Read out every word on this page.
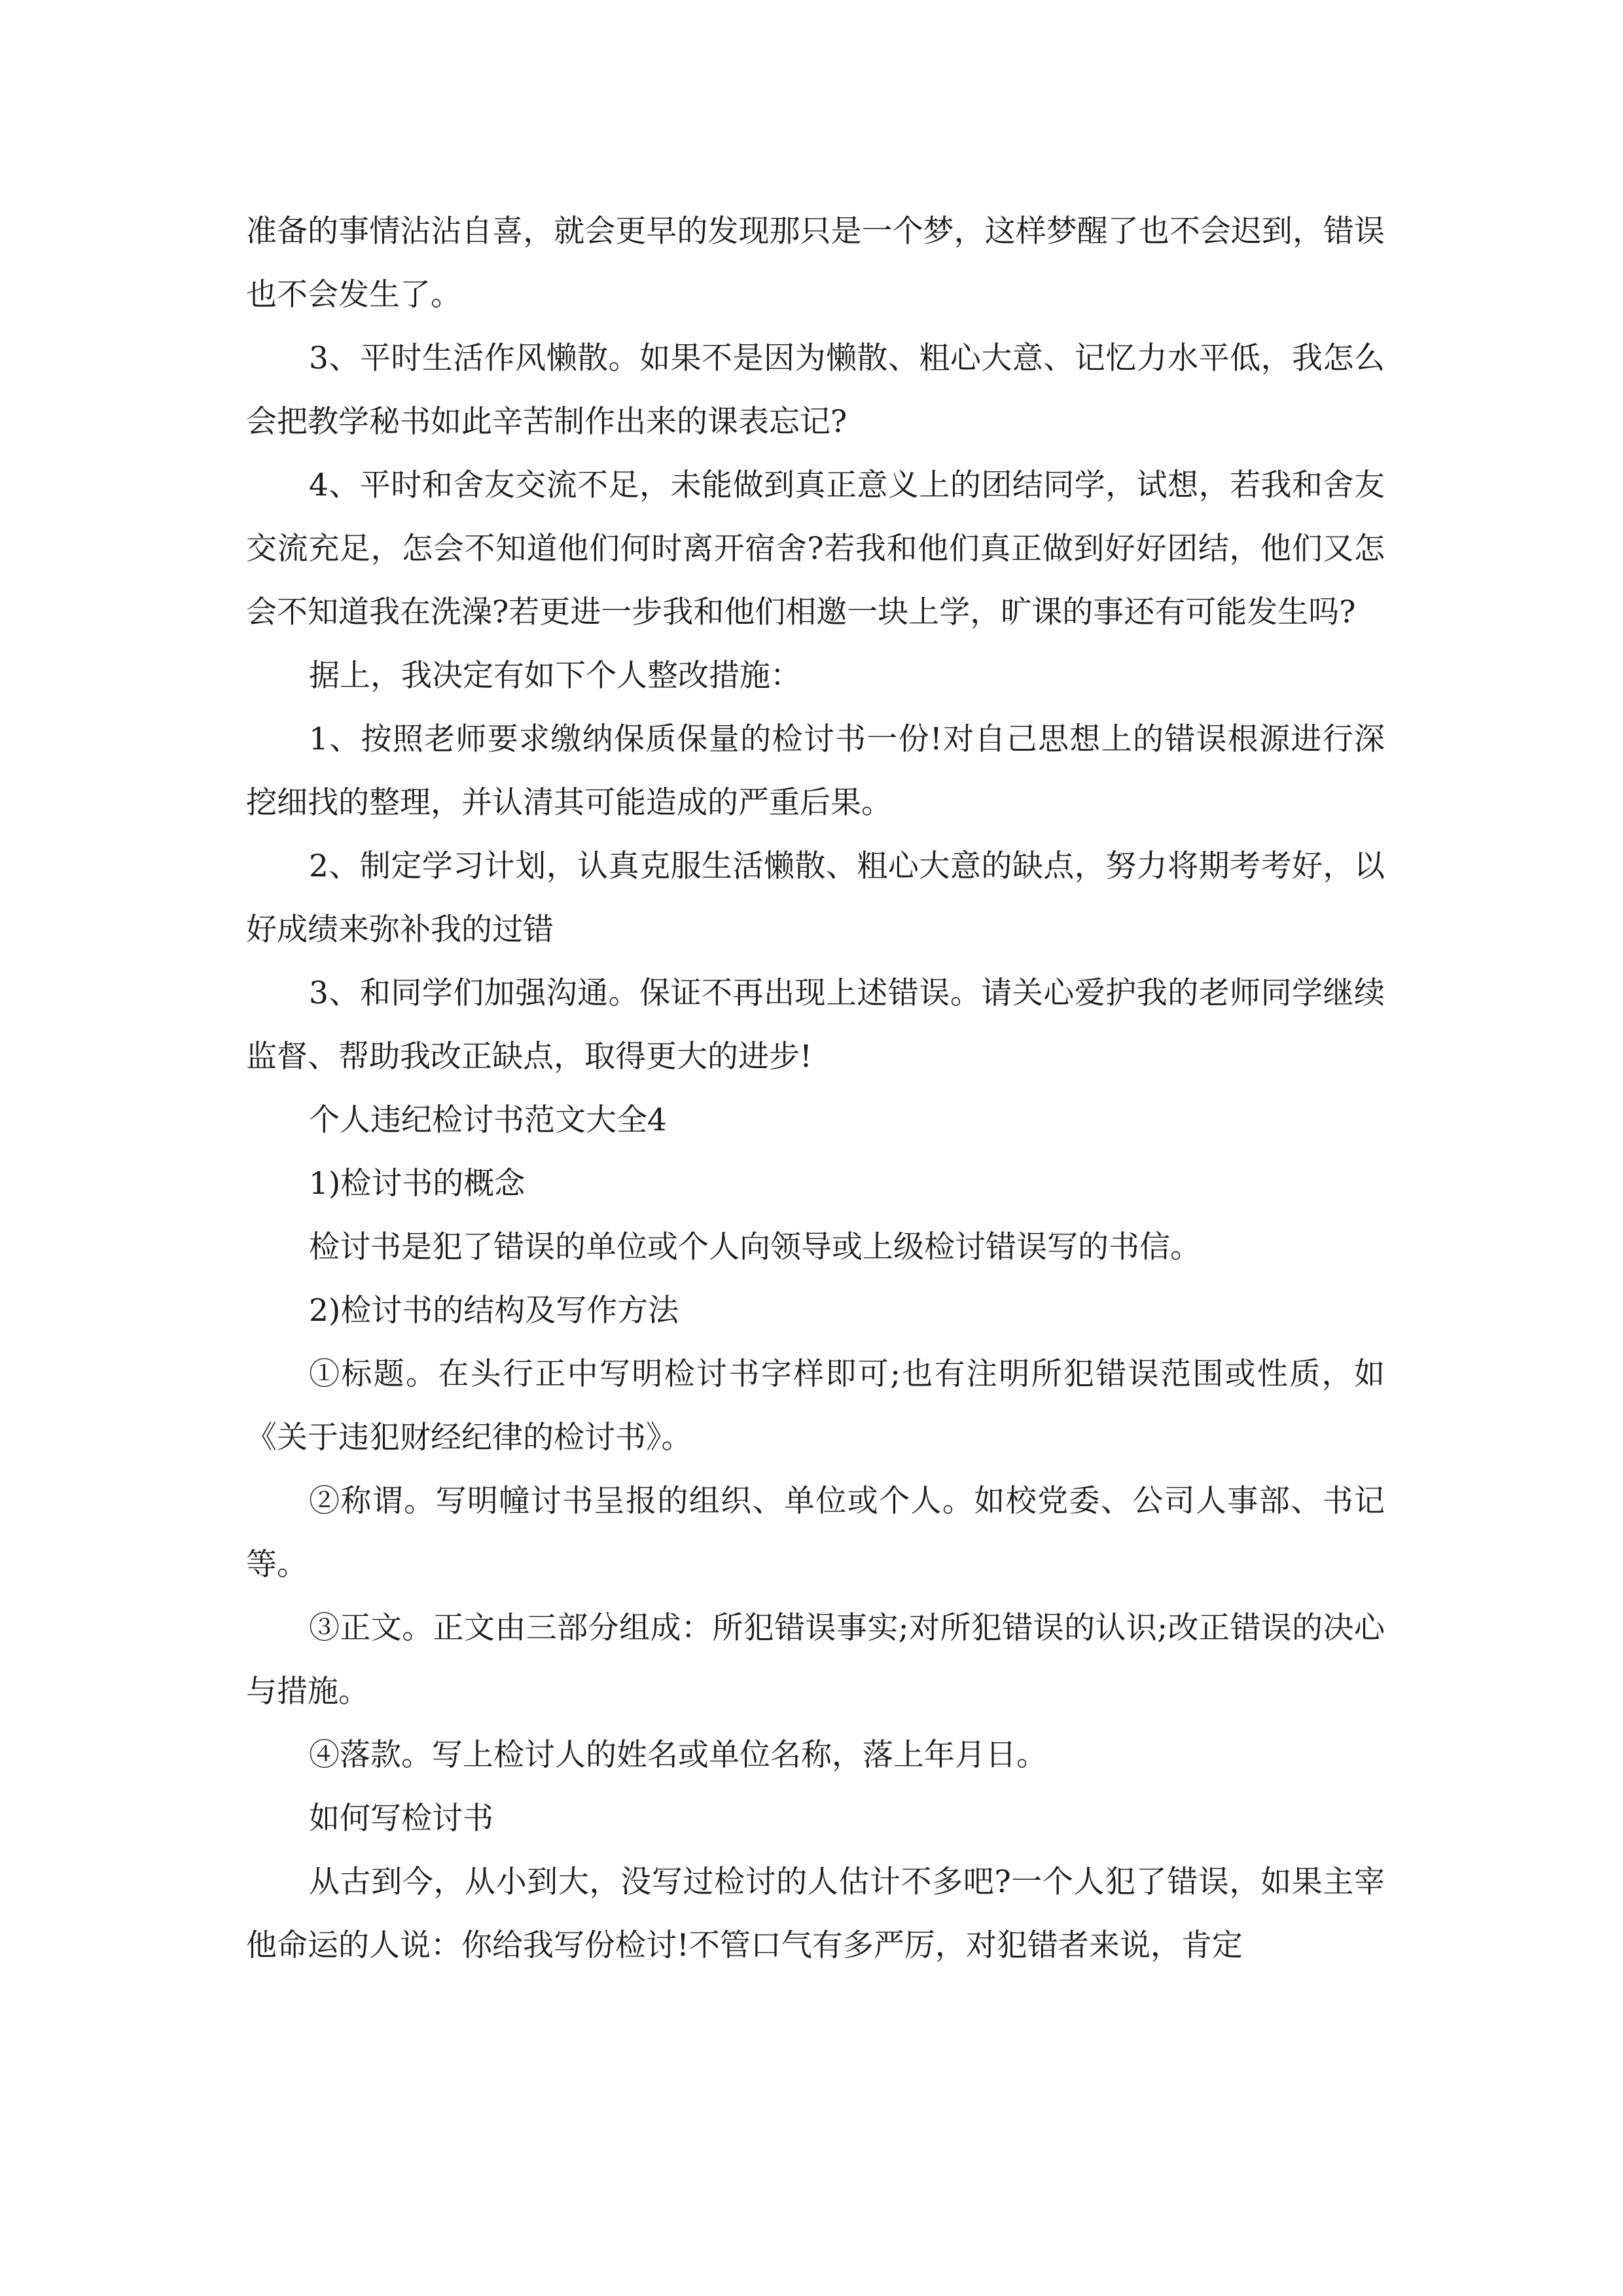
准备的事情沾沾自喜，就会更早的发现那只是一个梦，这样梦醒了也不会迟到，错误也不会发生了。

3、平时生活作风懒散。如果不是因为懒散、粗心大意、记忆力水平低，我怎么会把教学秘书如此辛苦制作出来的课表忘记?

4、平时和舍友交流不足，未能做到真正意义上的团结同学，试想，若我和舍友交流充足，怎会不知道他们何时离开宿舍?若我和他们真正做到好好团结，他们又怎会不知道我在洗澡?若更进一步我和他们相邀一块上学，旷课的事还有可能发生吗?

据上，我决定有如下个人整改措施：

1、按照老师要求缴纳保质保量的检讨书一份!对自己思想上的错误根源进行深挖细找的整理，并认清其可能造成的严重后果。

2、制定学习计划，认真克服生活懒散、粗心大意的缺点，努力将期考考好，以好成绩来弥补我的过错

3、和同学们加强沟通。保证不再出现上述错误。请关心爱护我的老师同学继续监督、帮助我改正缺点，取得更大的进步!

个人违纪检讨书范文大全4

1)检讨书的概念

检讨书是犯了错误的单位或个人向领导或上级检讨错误写的书信。

2)检讨书的结构及写作方法

①标题。在头行正中写明检讨书字样即可;也有注明所犯错误范围或性质，如《关于违犯财经纪律的检讨书》。

②称谓。写明幢讨书呈报的组织、单位或个人。如校党委、公司人事部、书记等。

③正文。正文由三部分组成：所犯错误事实;对所犯错误的认识;改正错误的决心与措施。

④落款。写上检讨人的姓名或单位名称，落上年月日。

如何写检讨书

从古到今，从小到大，没写过检讨的人估计不多吧?一个人犯了错误，如果主宰他命运的人说：你给我写份检讨!不管口气有多严厉，对犯错者来说，肯定
